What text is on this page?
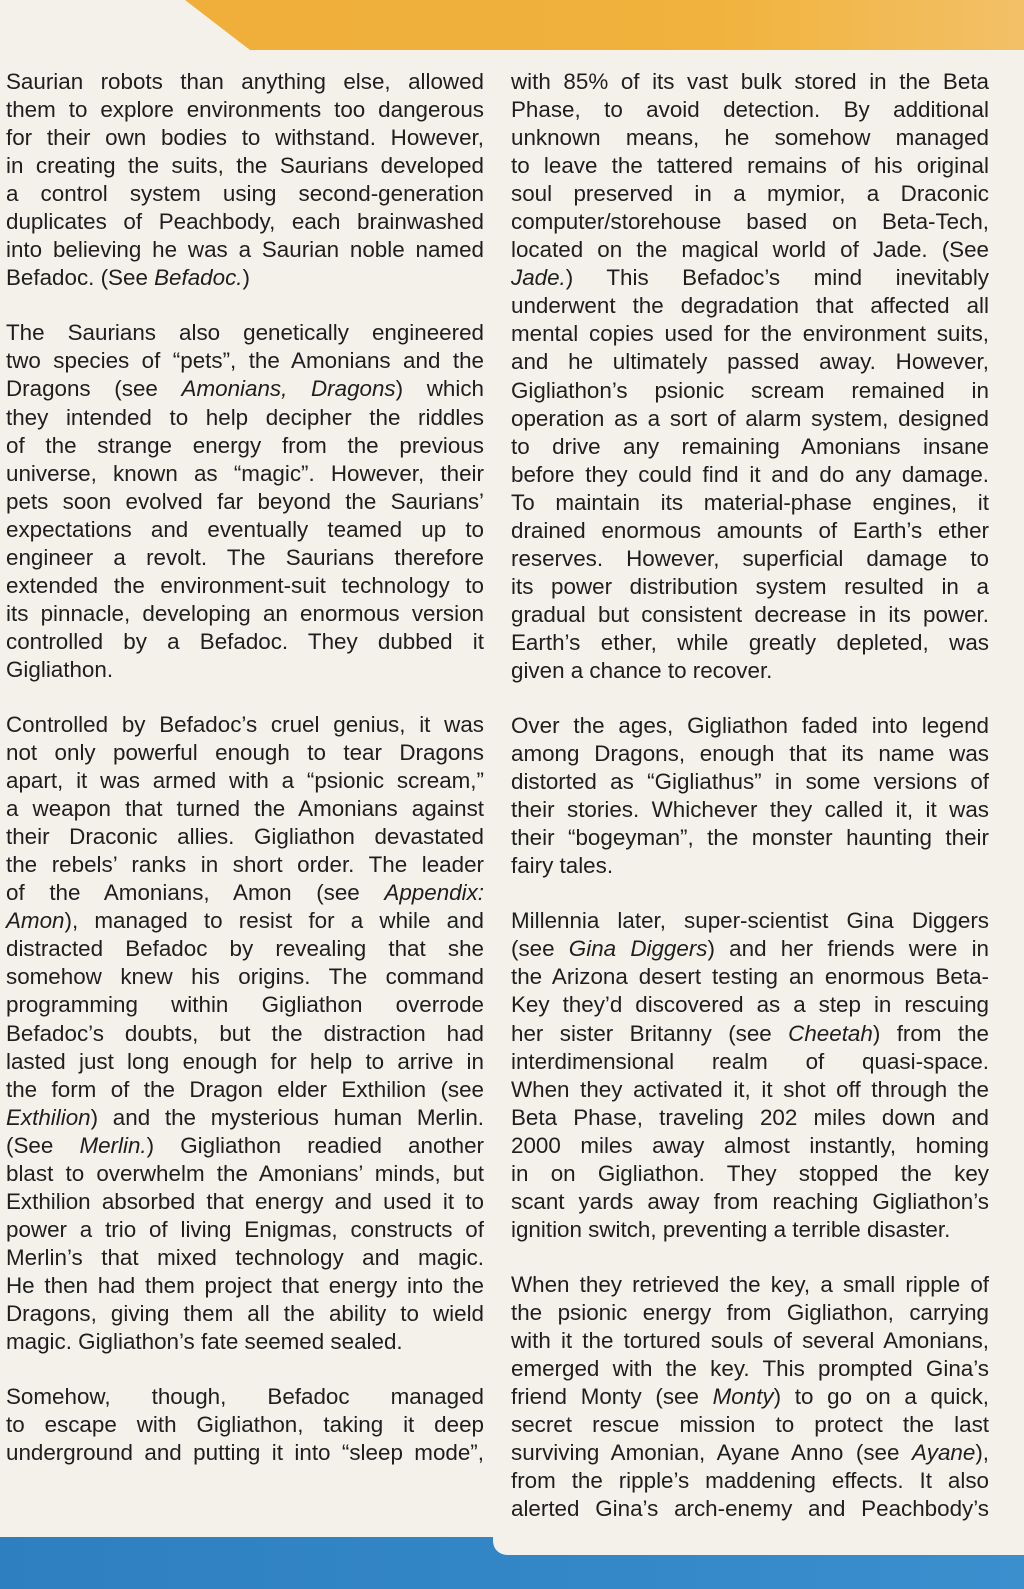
Saurian robots than anything else, allowed
them to explore environments too dangerous
for their own bodies to withstand. However,
in creating the suits, the Saurians developed
a control system using second-generation
duplicates of Peachbody, each brainwashed
into believing he was a Saurian noble named
Befadoc. (See Befadoc.)

The Saurians also genetically engineered
two species of “pets”, the Amonians and the
Dragons (see Amonians, Dragons) which
they intended to help decipher the riddles
of the strange energy from the previous
universe, known as “magic”. However, their
pets soon evolved far beyond the Saurians’
expectations and eventually teamed up to
engineer a revolt. The Saurians therefore
extended the environment-suit technology to
its pinnacle, developing an enormous version
controlled by a Befadoc. They dubbed it
Gigliathon.

Controlled by Befadoc’s cruel genius, it was
not only powerful enough to tear Dragons
apart, it was armed with a “psionic scream,”
a weapon that turned the Amonians against
their Draconic allies. Gigliathon devastated
the rebels’ ranks in short order. The leader
of the Amonians, Amon (see Appendix:
Amon), managed to resist for a while and
distracted Befadoc by revealing that she
somehow knew his origins. The command
programming within Gigliathon overrode
Befadoc’s doubts, but the distraction had
lasted just long enough for help to arrive in
the form of the Dragon elder Exthilion (see
Exthilion) and the mysterious human Merlin.
(See Merlin.) Gigliathon readied another
blast to overwhelm the Amonians’ minds, but
Exthilion absorbed that energy and used it to
power a trio of living Enigmas, constructs of
Merlin’s that mixed technology and magic.
He then had them project that energy into the
Dragons, giving them all the ability to wield
magic. Gigliathon’s fate seemed sealed.

Somehow, though, Befadoc managed
to escape with Gigliathon, taking it deep
underground and putting it into “sleep mode”,

with 85% of its vast bulk stored in the Beta
Phase, to avoid detection. By additional
unknown means, he somehow managed
to leave the tattered remains of his original
soul preserved in a mymior, a Draconic
computer/storehouse based on Beta-Tech,
located on the magical world of Jade. (See
Jade.) This Befadoc’s mind inevitably
underwent the degradation that affected all
mental copies used for the environment suits,
and he ultimately passed away. However,
Gigliathon’s psionic scream remained in
operation as a sort of alarm system, designed
to drive any remaining Amonians insane
before they could find it and do any damage.
To maintain its material-phase engines, it
drained enormous amounts of Earth’s ether
reserves. However, superficial damage to
its power distribution system resulted in a
gradual but consistent decrease in its power.
Earth’s ether, while greatly depleted, was
given a chance to recover.

Over the ages, Gigliathon faded into legend
among Dragons, enough that its name was
distorted as “Gigliathus” in some versions of
their stories. Whichever they called it, it was
their “bogeyman”, the monster haunting their
fairy tales.

Millennia later, super-scientist Gina Diggers
(see Gina Diggers) and her friends were in
the Arizona desert testing an enormous Beta-
Key they’d discovered as a step in rescuing
her sister Britanny (see Cheetah) from the
interdimensional realm of quasi-space.
When they activated it, it shot off through the
Beta Phase, traveling 202 miles down and
2000 miles away almost instantly, homing
in on Gigliathon. They stopped the key
scant yards away from reaching Gigliathon’s
ignition switch, preventing a terrible disaster.

When they retrieved the key, a small ripple of
the psionic energy from Gigliathon, carrying
with it the tortured souls of several Amonians,
emerged with the key. This prompted Gina’s
friend Monty (see Monty) to go on a quick,
secret rescue mission to protect the last
surviving Amonian, Ayane Anno (see Ayane),
from the ripple’s maddening effects. It also
alerted Gina’s arch-enemy and Peachbody’s
